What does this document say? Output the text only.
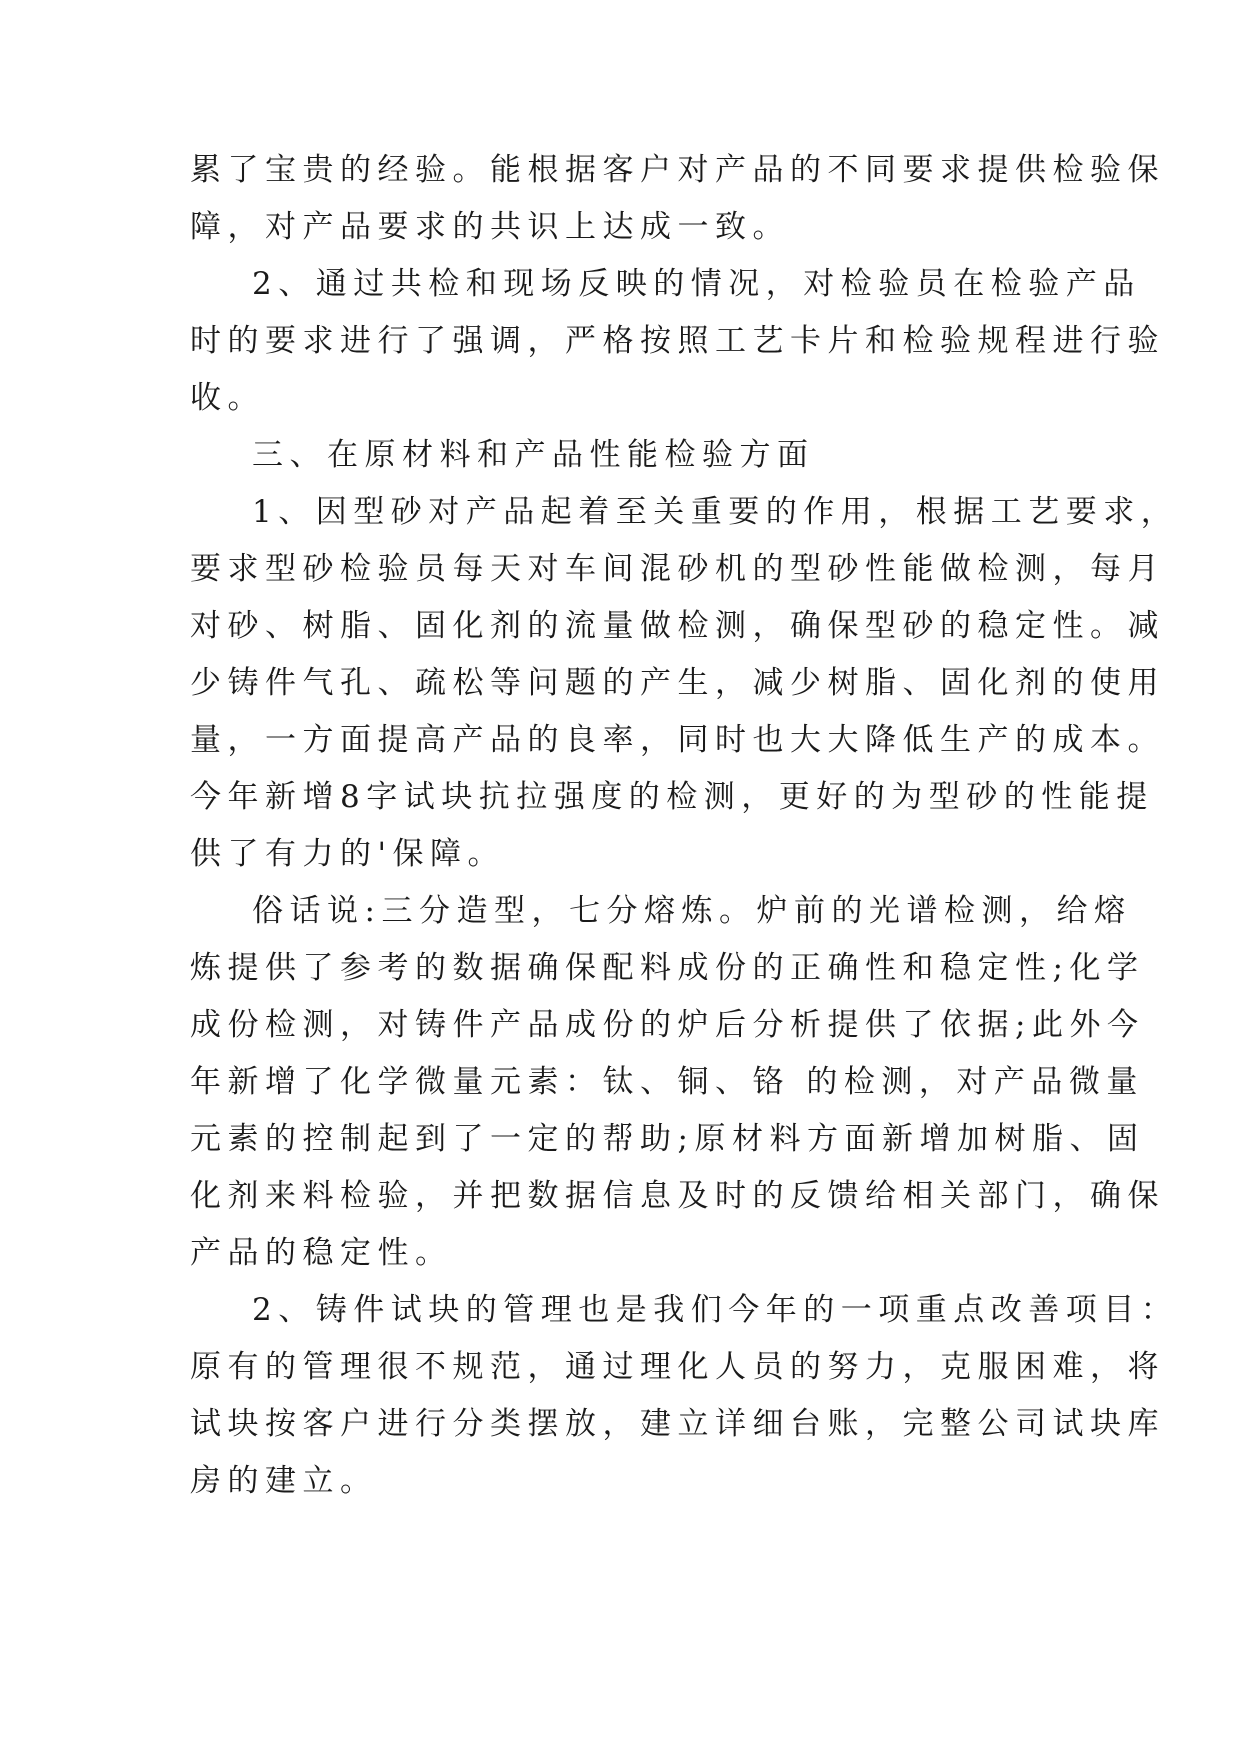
累了宝贵的经验。能根据客户对产品的不同要求提供检验保
障，对产品要求的共识上达成一致。
2、通过共检和现场反映的情况，对检验员在检验产品
时的要求进行了强调，严格按照工艺卡片和检验规程进行验
收。
三、在原材料和产品性能检验方面
1、因型砂对产品起着至关重要的作用，根据工艺要求，
要求型砂检验员每天对车间混砂机的型砂性能做检测，每月
对砂、树脂、固化剂的流量做检测，确保型砂的稳定性。减
少铸件气孔、疏松等问题的产生，减少树脂、固化剂的使用
量，一方面提高产品的良率，同时也大大降低生产的成本。
今年新增8字试块抗拉强度的检测，更好的为型砂的性能提
供了有力的'保障。
俗话说:三分造型，七分熔炼。炉前的光谱检测，给熔
炼提供了参考的数据确保配料成份的正确性和稳定性;化学
成份检测，对铸件产品成份的炉后分析提供了依据;此外今
年新增了化学微量元素：钛、铜、铬 的检测，对产品微量
元素的控制起到了一定的帮助;原材料方面新增加树脂、固
化剂来料检验，并把数据信息及时的反馈给相关部门，确保
产品的稳定性。
2、铸件试块的管理也是我们今年的一项重点改善项目：
原有的管理很不规范，通过理化人员的努力，克服困难，将
试块按客户进行分类摆放，建立详细台账，完整公司试块库
房的建立。
